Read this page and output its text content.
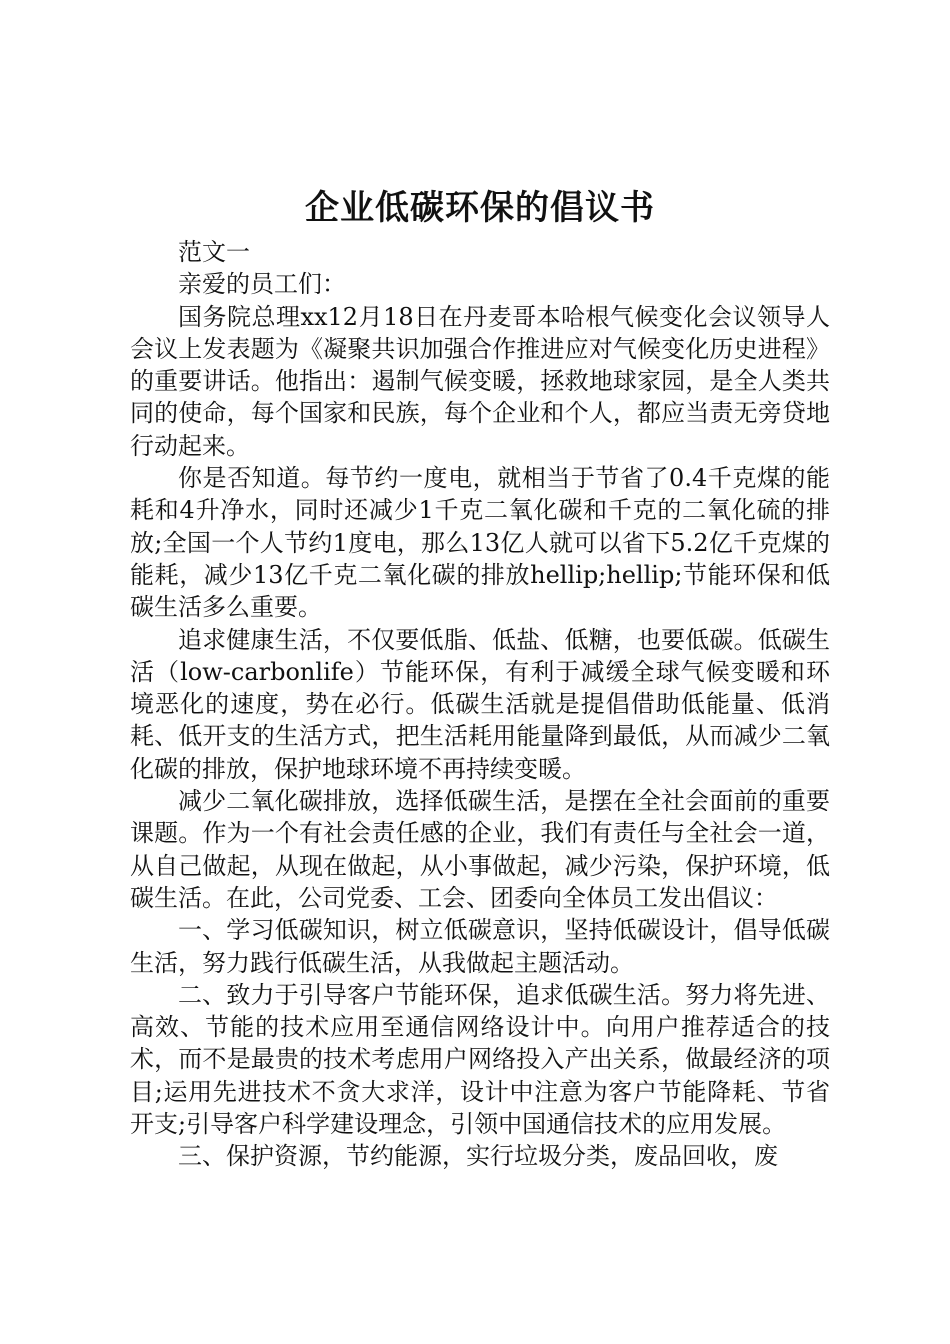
企业低碳环保的倡议书

范文一

亲爱的员工们：

国务院总理xx12月18日在丹麦哥本哈根气候变化会议领导人会议上发表题为《凝聚共识加强合作推进应对气候变化历史进程》的重要讲话。他指出：遏制气候变暖，拯救地球家园，是全人类共同的使命，每个国家和民族，每个企业和个人，都应当责无旁贷地行动起来。

你是否知道。每节约一度电，就相当于节省了0.4千克煤的能耗和4升净水，同时还减少1千克二氧化碳和千克的二氧化硫的排放;全国一个人节约1度电，那么13亿人就可以省下5.2亿千克煤的能耗，减少13亿千克二氧化碳的排放hellip;hellip;节能环保和低碳生活多么重要。

追求健康生活，不仅要低脂、低盐、低糖，也要低碳。低碳生活（low-carbonlife）节能环保，有利于减缓全球气候变暖和环境恶化的速度，势在必行。低碳生活就是提倡借助低能量、低消耗、低开支的生活方式，把生活耗用能量降到最低，从而减少二氧化碳的排放，保护地球环境不再持续变暖。

减少二氧化碳排放，选择低碳生活，是摆在全社会面前的重要课题。作为一个有社会责任感的企业，我们有责任与全社会一道，从自己做起，从现在做起，从小事做起，减少污染，保护环境，低碳生活。在此，公司党委、工会、团委向全体员工发出倡议：

一、学习低碳知识，树立低碳意识，坚持低碳设计，倡导低碳生活，努力践行低碳生活，从我做起主题活动。

二、致力于引导客户节能环保，追求低碳生活。努力将先进、高效、节能的技术应用至通信网络设计中。向用户推荐适合的技术，而不是最贵的技术考虑用户网络投入产出关系，做最经济的项目;运用先进技术不贪大求洋，设计中注意为客户节能降耗、节省开支;引导客户科学建设理念，引领中国通信技术的应用发展。

三、保护资源，节约能源，实行垃圾分类，废品回收，废
